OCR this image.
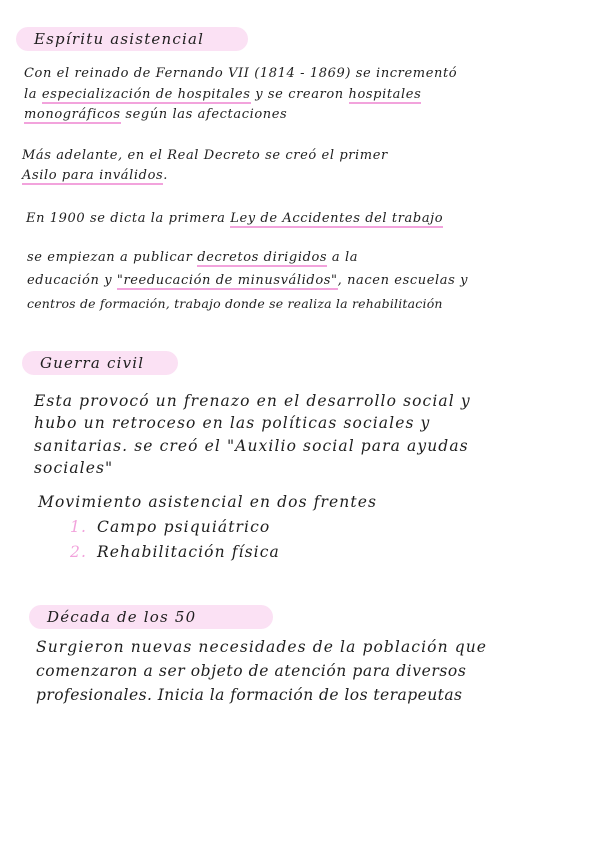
Espíritu asistencial
Con el reinado de Fernando VII (1814 - 1869) se incrementó
la especialización de hospitales y se crearon hospitales
monográficos según las afectaciones
Más adelante, en el Real Decreto se creó el primer
Asilo para inválidos.
En 1900 se dicta la primera Ley de Accidentes del trabajo
se empiezan a publicar decretos dirigidos a la
educación y "reeducación de minusválidos", nacen escuelas y
centros de formación, trabajo donde se realiza la rehabilitación
Guerra civil
Esta provocó un frenazo en el desarrollo social y
hubo un retroceso en las políticas sociales y
sanitarias. se creó el "Auxilio social para ayudas
sociales"
Movimiento asistencial en dos frentes
1. Campo psiquiátrico
2. Rehabilitación física
Década de los 50
Surgieron nuevas necesidades de la población que
comenzaron a ser objeto de atención para diversos
profesionales. Inicia la formación de los terapeutas
